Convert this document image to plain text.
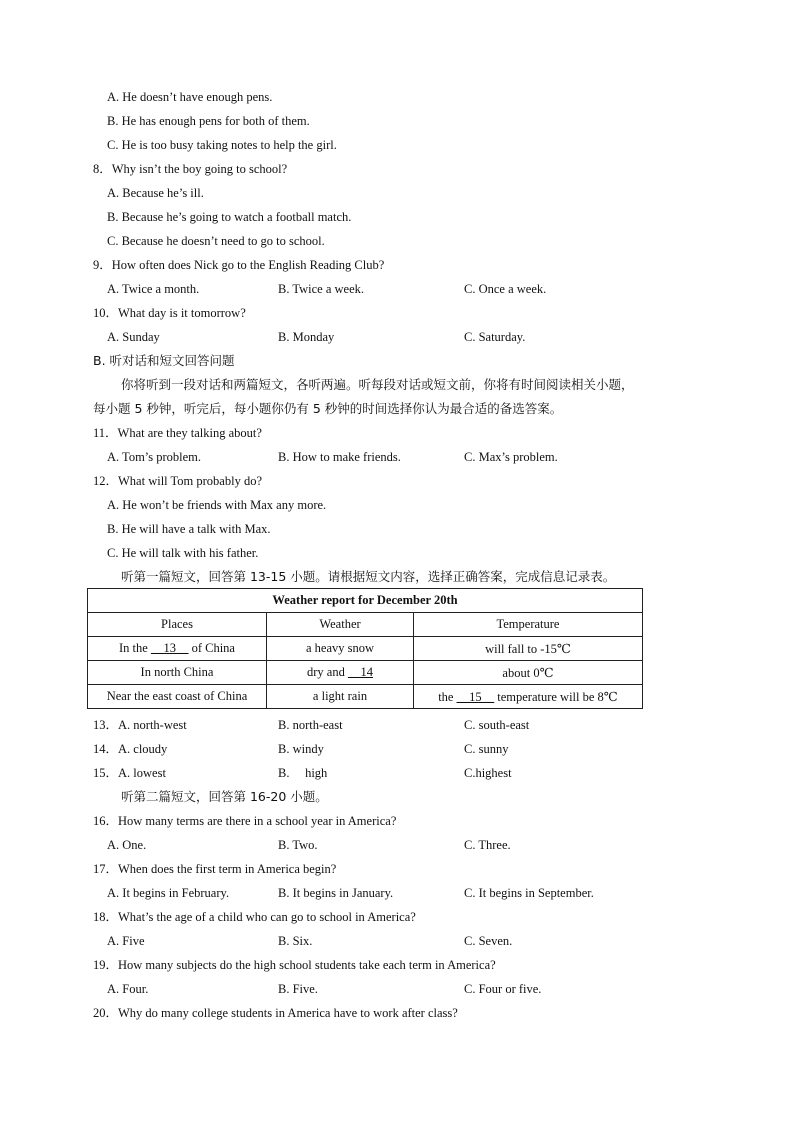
A. He doesn’t have enough pens.
B. He has enough pens for both of them.
C. He is too busy taking notes to help the girl.
8．Why isn’t the boy going to school?
A. Because he’s ill.
B. Because he’s going to watch a football match.
C. Because he doesn’t need to go to school.
9．How often does Nick go to the English Reading Club?
A. Twice a month.	B. Twice a week.	C. Once a week.
10．What day is it tomorrow?
A. Sunday	B. Monday	C. Saturday.
B. 听对话和短文回答问题
你将听到一段对话和两篇短文，各听两遍。听每段对话或短文前，你将有时间阅读相关小题，
每小题 5 秒钟，听完后，每小题你仍有 5 秒钟的时间选择你认为最合适的备选答案。
11．What are they talking about?
A. Tom’s problem.	B. How to make friends.	C. Max’s problem.
12．What will Tom probably do?
A. He won’t be friends with Max any more.
B. He will have a talk with Max.
C. He will talk with his father.
听第一篇短文，回答第 13-15 小题。请根据短文内容，选择正确答案，完成信息记录表。
Weather report for December 20th		
Places	Weather	Temperature
In the __13__ of China	a heavy snow	will fall to -15℃
In north China	dry and __14	about 0℃
Near the east coast of China	a light rain	the __15__ temperature will be 8℃
13．A. north-west	B. north-east	C. south-east
14．A. cloudy	B. windy	C. sunny
15．A. lowest	B.     high	C.highest
听第二篇短文，回答第 16-20 小题。
16．How many terms are there in a school year in America?
A. One.	B. Two.	C. Three.
17．When does the first term in America begin?
A. It begins in February.	B. It begins in January.	C. It begins in September.
18．What’s the age of a child who can go to school in America?
A. Five	B. Six.	C. Seven.
19．How many subjects do the high school students take each term in America?
A. Four.	B. Five.	C. Four or five.
20．Why do many college students in America have to work after class?
